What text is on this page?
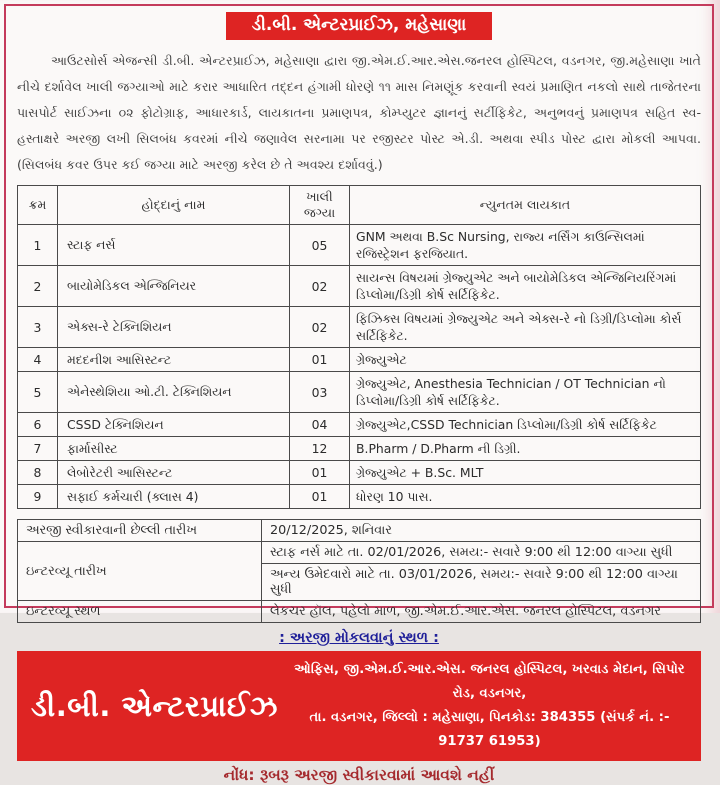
ડી.બી. એન્ટરપ્રાઈઝ, મહેસાણા

આઉટસોર્સ એજન્સી ડી.બી. એન્ટરપ્રાઈઝ, મહેસાણા દ્વારા જી.એમ.ઈ.આર.એસ.જનરલ હોસ્પિટલ, વડનગર, જી.મહેસાણા ખાતે નીચે દર્શાવેલ ખાલી જગ્યાઓ માટે કરાર આધારિત તદ્દન હંગામી ધોરણે ૧૧ માસ નિમણૂંક કરવાની સ્વયં પ્રમાણિત નકલો સાથે તાજેતરના પાસપોર્ટ સાઈઝના ૦૨ ફોટોગ્રાફ, આધારકાર્ડ, લાયકાતના પ્રમાણપત્ર, કોમ્પ્યુટર જ્ઞાનનું સર્ટીફિકેટ, અનુભવનું પ્રમાણપત્ર સહિત સ્વ-હસ્તાક્ષરે અરજી લખી સિલબંધ કવરમાં નીચે જણાવેલ સરનામા પર રજીસ્ટર પોસ્ટ એ.ડી. અથવા સ્પીડ પોસ્ટ દ્વારા મોકલી આપવા. (સિલબંધ કવર ઉપર કઈ જગ્યા માટે અરજી કરેલ છે તે અવશ્ય દર્શાવવું.)

ક્રમ	હોદ્દાનું નામ	ખાલી જગ્યા	ન્યુનતમ લાયકાત
1	સ્ટાફ નર્સ	05	GNM અથવા B.Sc Nursing, રાજ્ય નર્સિંગ કાઉન્સિલમાં રજિસ્ટ્રેશન ફરજિયાત.
2	બાયોમેડિકલ એન્જિનિયર	02	સાયન્સ વિષયમાં ગ્રેજ્યુએટ અને બાયોમેડિકલ એન્જિનિયરિંગમાં ડિપ્લોમા/ડિગ્રી કોર્ષ સર્ટિફિકેટ.
3	એક્સ-રે ટેક્નિશિયન	02	ફિઝિક્સ વિષયમાં ગ્રેજ્યુએટ અને એક્સ-રે નો ડિગ્રી/ડિપ્લોમા કોર્સ સર્ટિફિકેટ.
4	મદદનીશ આસિસ્ટન્ટ	01	ગ્રેજ્યુએટ
5	એનેસ્થેશિયા ઓ.ટી. ટેક્નિશિયન	03	ગ્રેજ્યુએટ, Anesthesia Technician / OT Technician નો ડિપ્લોમા/ડિગ્રી કોર્ષ સર્ટિફિકેટ.
6	CSSD ટેક્નિશિયન	04	ગ્રેજ્યુએટ,CSSD Technician ડિપ્લોમા/ડિગ્રી કોર્ષ સર્ટિફિકેટ
7	ફાર્માસીસ્ટ	12	B.Pharm / D.Pharm ની ડિગ્રી.
8	લેબોરેટરી આસિસ્ટન્ટ	01	ગ્રેજ્યુએટ + B.Sc. MLT
9	સફાઈ કર્મચારી (ક્લાસ 4)	01	ધોરણ 10 પાસ.
અરજી સ્વીકારવાની છેલ્લી તારીખ	20/12/2025, શનિવાર
ઇન્ટરવ્યૂ તારીખ	સ્ટાફ નર્સ માટે તા. 02/01/2026, સમય:- સવારે 9:00 થી 12:00 વાગ્યા સુધી
	અન્ય ઉમેદવારો માટે તા. 03/01/2026, સમય:- સવારે 9:00 થી 12:00 વાગ્યા સુધી
ઇન્ટરવ્યૂ સ્થળ	લેકચર હૉલ, પહેલો માળ, જી.એમ.ઈ.આર.એસ. જનરલ હોસ્પિટલ, વડનગર
: અરજી મોકલવાનું સ્થળ :
ડી.બી. એન્ટરપ્રાઈઝ
ઓફિસ, જી.એમ.ઈ.આર.એસ. જનરલ હોસ્પિટલ, ખરવાડ મેદાન, સિપોર રોડ, વડનગર,
તા. વડનગર, જિલ્લો : મહેસાણા, પિનકોડ: 384355 (સંપર્ક નં. :- 91737 61953)
નોંધ: રૂબરૂ અરજી સ્વીકારવામાં આવશે નહીં
